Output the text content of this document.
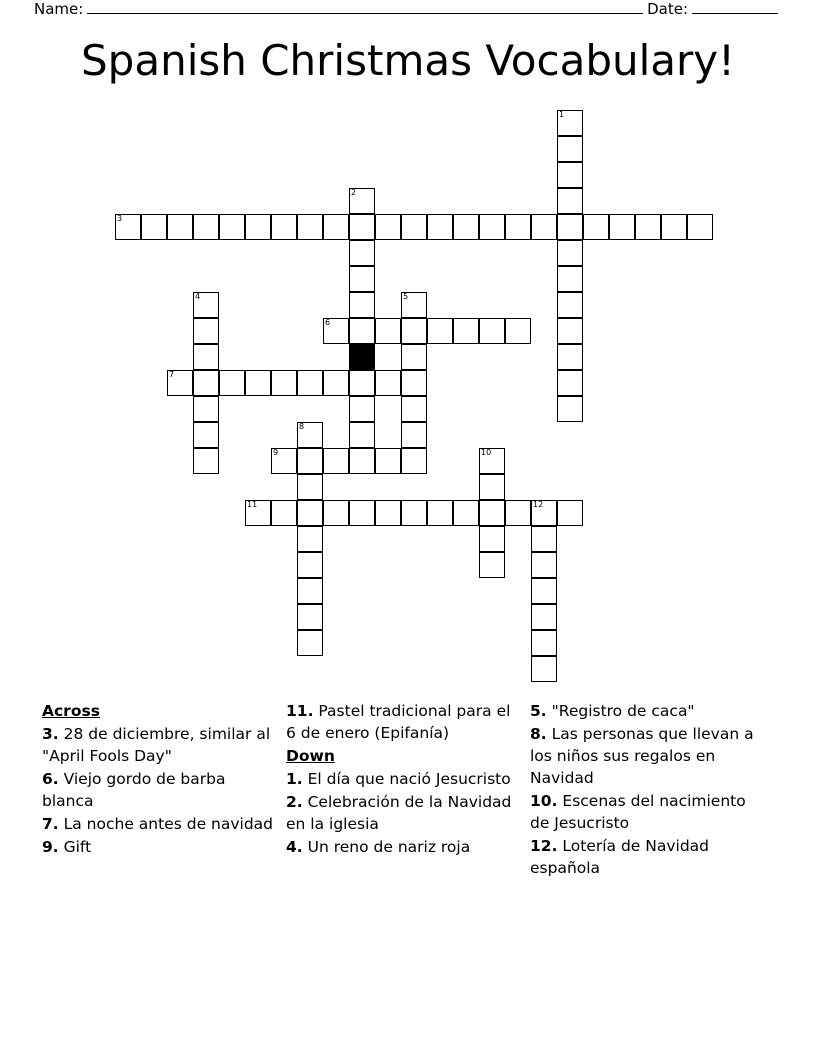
Name:	Date:
Spanish Christmas Vocabulary!
1
2
3
4	5
6
7
8
9	10
11	12
Across

3. 28 de diciembre, similar al "April Fools Day"

6. Viejo gordo de barba blanca

7. La noche antes de navidad

9. Gift

11. Pastel tradicional para el 6 de enero (Epifanía)

Down

1. El día que nació Jesucristo

2. Celebración de la Navidad en la iglesia

4. Un reno de nariz roja

5. "Registro de caca"

8. Las personas que llevan a los niños sus regalos en Navidad

10. Escenas del nacimiento de Jesucristo

12. Lotería de Navidad española
